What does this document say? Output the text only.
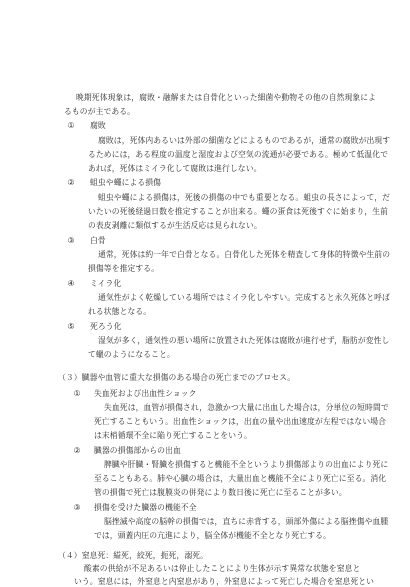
晩期死体現象は，腐敗・融解または自骨化といった細菌や動物その他の自然現象によ
るものが主である。
① 腐敗
腐敗は，死体内あるいは外部の細菌などによるものであるが，通常の腐敗が出現す
るためには，ある程度の温度と湿度および空気の流通が必要である。極めて低温化で
あれば，死体はミイラ化して腐敗は進行しない。
② 蛆虫や蠅による損傷
蛆虫や蠅による損傷は，死後の損傷の中でも重要となる。蛆虫の長さによって，だ
いたいの死後経過日数を推定することが出来る。蠅の蛋食は死後すぐに始まり，生前
の表皮剥離に類似するが生活反応は見られない。
③ 白骨
通常，死体は約一年で白骨となる。白骨化した死体を精査して身体的特徴や生前の
損傷等を推定する。
④ ミイラ化
通気性がよく乾燥している場所ではミイラ化しやすい。完成すると永久死体と呼ば
れる状態となる。
⑤ 死ろう化
湿気が多く，通気性の悪い場所に放置された死体は腐敗が進行せず，脂肪が変性し
て蠟のようになること。
（３）臓器や血管に重大な損傷のある場合の死亡までのプロセス。
① 失血死および出血性ショック
失血死は，血管が損傷され，急激かつ大量に出血した場合は，分単位の短時間で
死亡することもいう。出血性ショックは，出血の量や出血速度が左程ではない場合
は末梢循環不全に陥り死亡することをいう。
② 臓器の損傷部からの出血
脾臓や肝臓・腎臓を損傷すると機能不全というより損傷部よりの出血により死に
至ることもある。肺や心臓の場合は，大量出血と機能不全により死亡に至る。消化
管の損傷で死亡は腹膜炎の併発により数日後に死亡に至ることが多い。
③ 損傷を受けた臓器の機能不全
脳挫滅や高度の脳幹の損傷では，直ちに赤背する，頭部外傷による脳挫傷や血腫
では，頭蓋内圧の亢進により，脳全体が機能不全となり死亡する。
（４）窒息死：縊死，絞死，扼死，溺死。
酸素の供給が不足あるいは停止したことにより生体が示す異常な状態を窒息と
いう。窒息には，外窒息と内窒息があり，外窒息によって死亡した場合を窒息死とい
